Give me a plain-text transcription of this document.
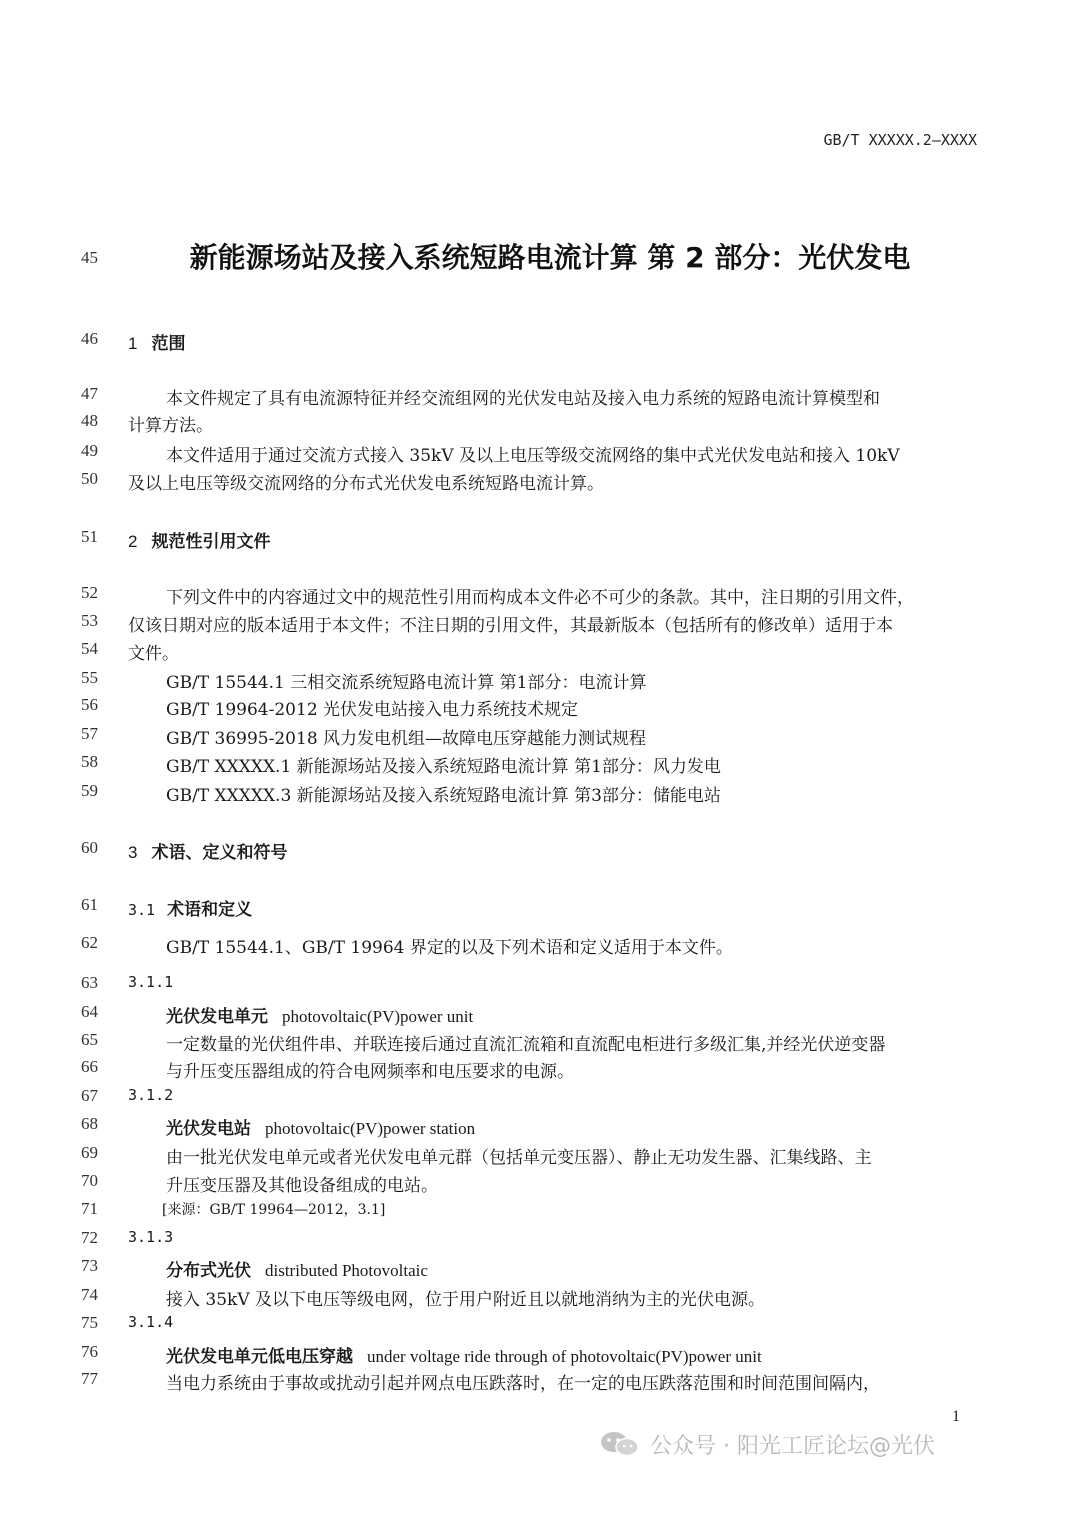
GB/T XXXXX.2—XXXX
45	新能源场站及接入系统短路电流计算 第 2 部分：光伏发电
46 1 范围
47	本文件规定了具有电流源特征并经交流组网的光伏发电站及接入电力系统的短路电流计算模型和
48 计算方法。
49	本文件适用于通过交流方式接入 35kV 及以上电压等级交流网络的集中式光伏发电站和接入 10kV
50 及以上电压等级交流网络的分布式光伏发电系统短路电流计算。
51 2 规范性引用文件
52	下列文件中的内容通过文中的规范性引用而构成本文件必不可少的条款。其中，注日期的引用文件，
53 仅该日期对应的版本适用于本文件；不注日期的引用文件，其最新版本（包括所有的修改单）适用于本
54 文件。
55	GB/T 15544.1 三相交流系统短路电流计算 第1部分：电流计算
56	GB/T 19964-2012 光伏发电站接入电力系统技术规定
57	GB/T 36995-2018 风力发电机组—故障电压穿越能力测试规程
58	GB/T XXXXX.1 新能源场站及接入系统短路电流计算 第1部分：风力发电
59	GB/T XXXXX.3 新能源场站及接入系统短路电流计算 第3部分：储能电站
60 3 术语、定义和符号
61 3.1 术语和定义
62	GB/T 15544.1、GB/T 19964 界定的以及下列术语和定义适用于本文件。
63 3.1.1
64	光伏发电单元 photovoltaic(PV)power unit
65	一定数量的光伏组件串、并联连接后通过直流汇流箱和直流配电柜进行多级汇集,并经光伏逆变器
66	与升压变压器组成的符合电网频率和电压要求的电源。
67 3.1.2
68	光伏发电站 photovoltaic(PV)power station
69	由一批光伏发电单元或者光伏发电单元群（包括单元变压器）、静止无功发生器、汇集线路、主
70	升压变压器及其他设备组成的电站。
71	[来源：GB/T 19964—2012，3.1]
72 3.1.3
73	分布式光伏 distributed Photovoltaic
74	接入 35kV 及以下电压等级电网，位于用户附近且以就地消纳为主的光伏电源。
75 3.1.4
76	光伏发电单元低电压穿越 under voltage ride through of photovoltaic(PV)power unit
77	当电力系统由于事故或扰动引起并网点电压跌落时，在一定的电压跌落范围和时间范围间隔内，
1
公众号 · 阳光工匠论坛@光伏
